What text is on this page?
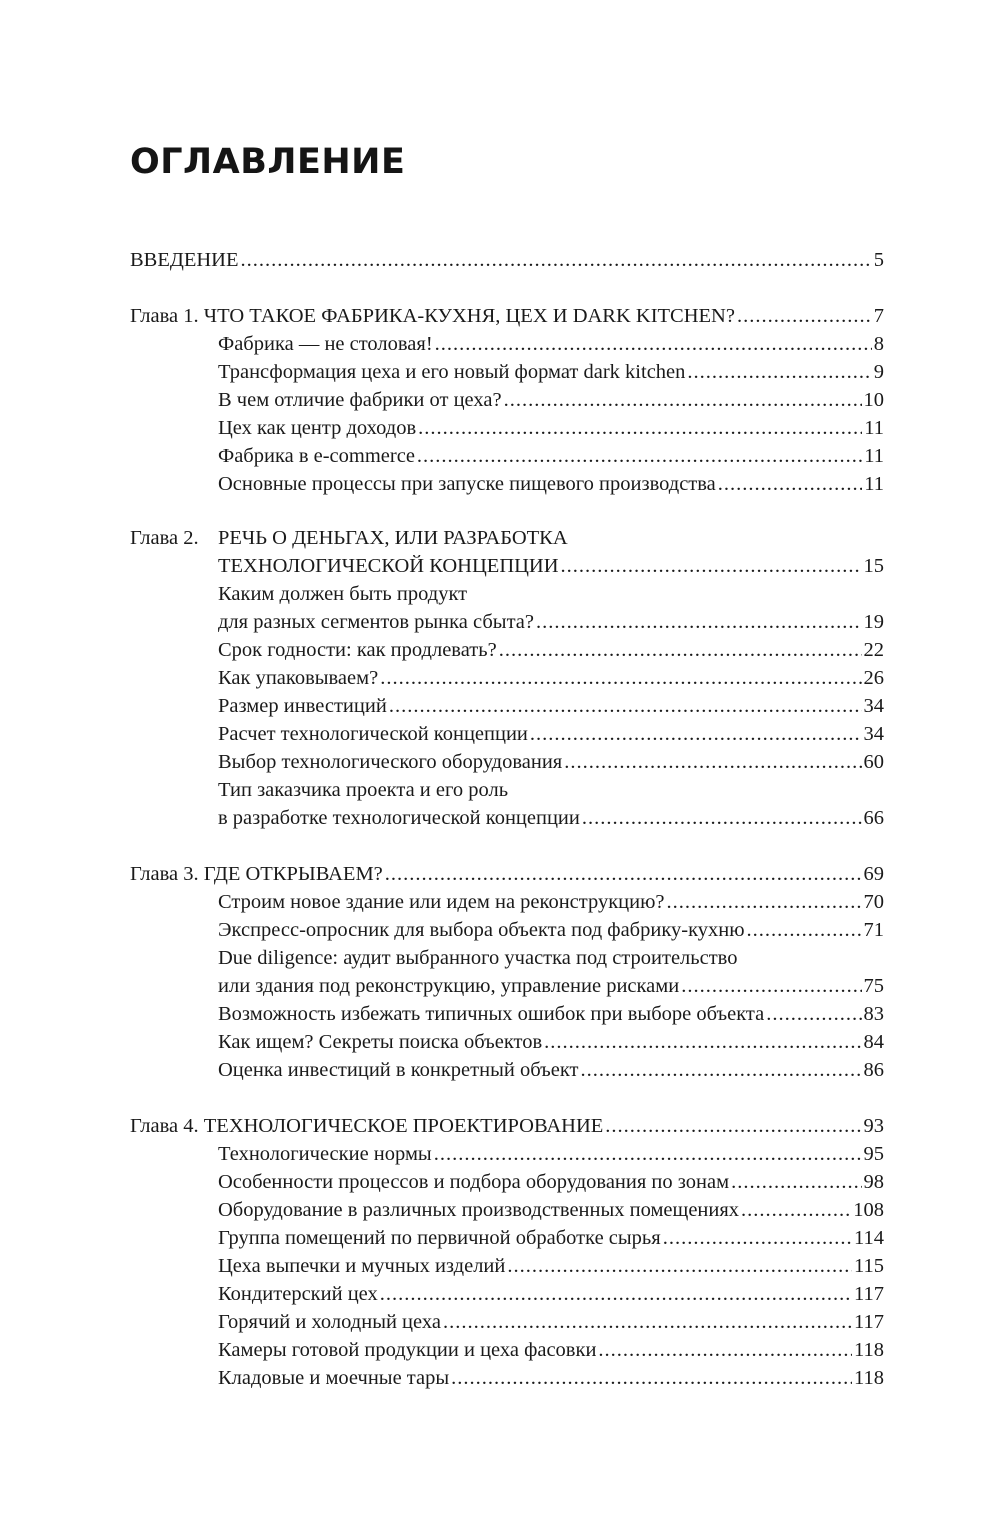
ОГЛАВЛЕНИЕ
ВВЕДЕНИЕ .....	5
Глава 1. ЧТО ТАКОЕ ФАБРИКА-КУХНЯ, ЦЕХ И DARK KITCHEN? .....	7
Фабрика — не столовая! .....	8
Трансформация цеха и его новый формат dark kitchen .....	9
В чем отличие фабрики от цеха? .....	10
Цех как центр доходов .....	11
Фабрика в e-commerce .....	11
Основные процессы при запуске пищевого производства .....	11
Глава 2. РЕЧЬ О ДЕНЬГАХ, ИЛИ РАЗРАБОТКА
ТЕХНОЛОГИЧЕСКОЙ КОНЦЕПЦИИ .....	15
Каким должен быть продукт
для разных сегментов рынка сбыта? .....	19
Срок годности: как продлевать? .....	22
Как упаковываем? .....	26
Размер инвестиций .....	34
Расчет технологической концепции .....	34
Выбор технологического оборудования .....	60
Тип заказчика проекта и его роль
в разработке технологической концепции .....	66
Глава 3. ГДЕ ОТКРЫВАЕМ? .....	69
Строим новое здание или идем на реконструкцию? .....	70
Экспресс-опросник для выбора объекта под фабрику-кухню .....	71
Due diligence: аудит выбранного участка под строительство
или здания под реконструкцию, управление рисками .....	75
Возможность избежать типичных ошибок при выборе объекта .....	83
Как ищем? Секреты поиска объектов .....	84
Оценка инвестиций в конкретный объект .....	86
Глава 4. ТЕХНОЛОГИЧЕСКОЕ ПРОЕКТИРОВАНИЕ .....	93
Технологические нормы .....	95
Особенности процессов и подбора оборудования по зонам .....	98
Оборудование в различных производственных помещениях .....	108
Группа помещений по первичной обработке сырья .....	114
Цеха выпечки и мучных изделий .....	115
Кондитерский цех .....	117
Горячий и холодный цеха .....	117
Камеры готовой продукции и цеха фасовки .....	118
Кладовые и моечные тары .....	118
